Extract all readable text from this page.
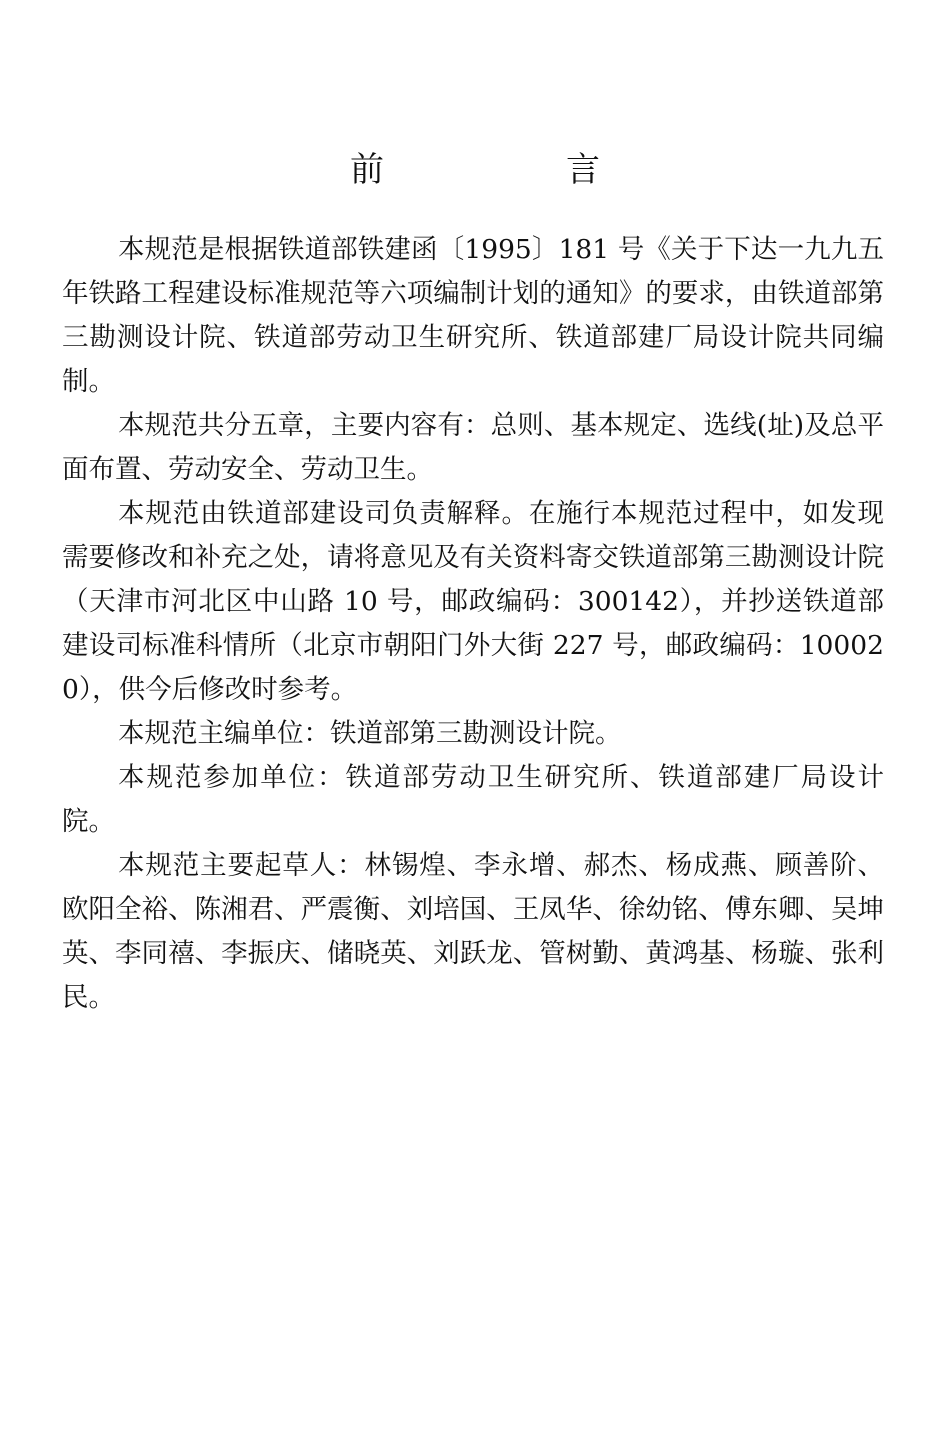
前　言

本规范是根据铁道部铁建函〔1995〕181 号《关于下达一九九五年铁路工程建设标准规范等六项编制计划的通知》的要求，由铁道部第三勘测设计院、铁道部劳动卫生研究所、铁道部建厂局设计院共同编制。

本规范共分五章，主要内容有：总则、基本规定、选线(址)及总平面布置、劳动安全、劳动卫生。

本规范由铁道部建设司负责解释。在施行本规范过程中，如发现需要修改和补充之处，请将意见及有关资料寄交铁道部第三勘测设计院（天津市河北区中山路 10 号，邮政编码：300142），并抄送铁道部建设司标准科情所（北京市朝阳门外大街 227 号，邮政编码：100020），供今后修改时参考。

本规范主编单位：铁道部第三勘测设计院。

本规范参加单位：铁道部劳动卫生研究所、铁道部建厂局设计院。

本规范主要起草人：林锡煌、李永增、郝杰、杨成燕、顾善阶、欧阳全裕、陈湘君、严震衡、刘培国、王凤华、徐幼铭、傅东卿、吴坤英、李同禧、李振庆、储晓英、刘跃龙、管树勤、黄鸿基、杨璇、张利民。
